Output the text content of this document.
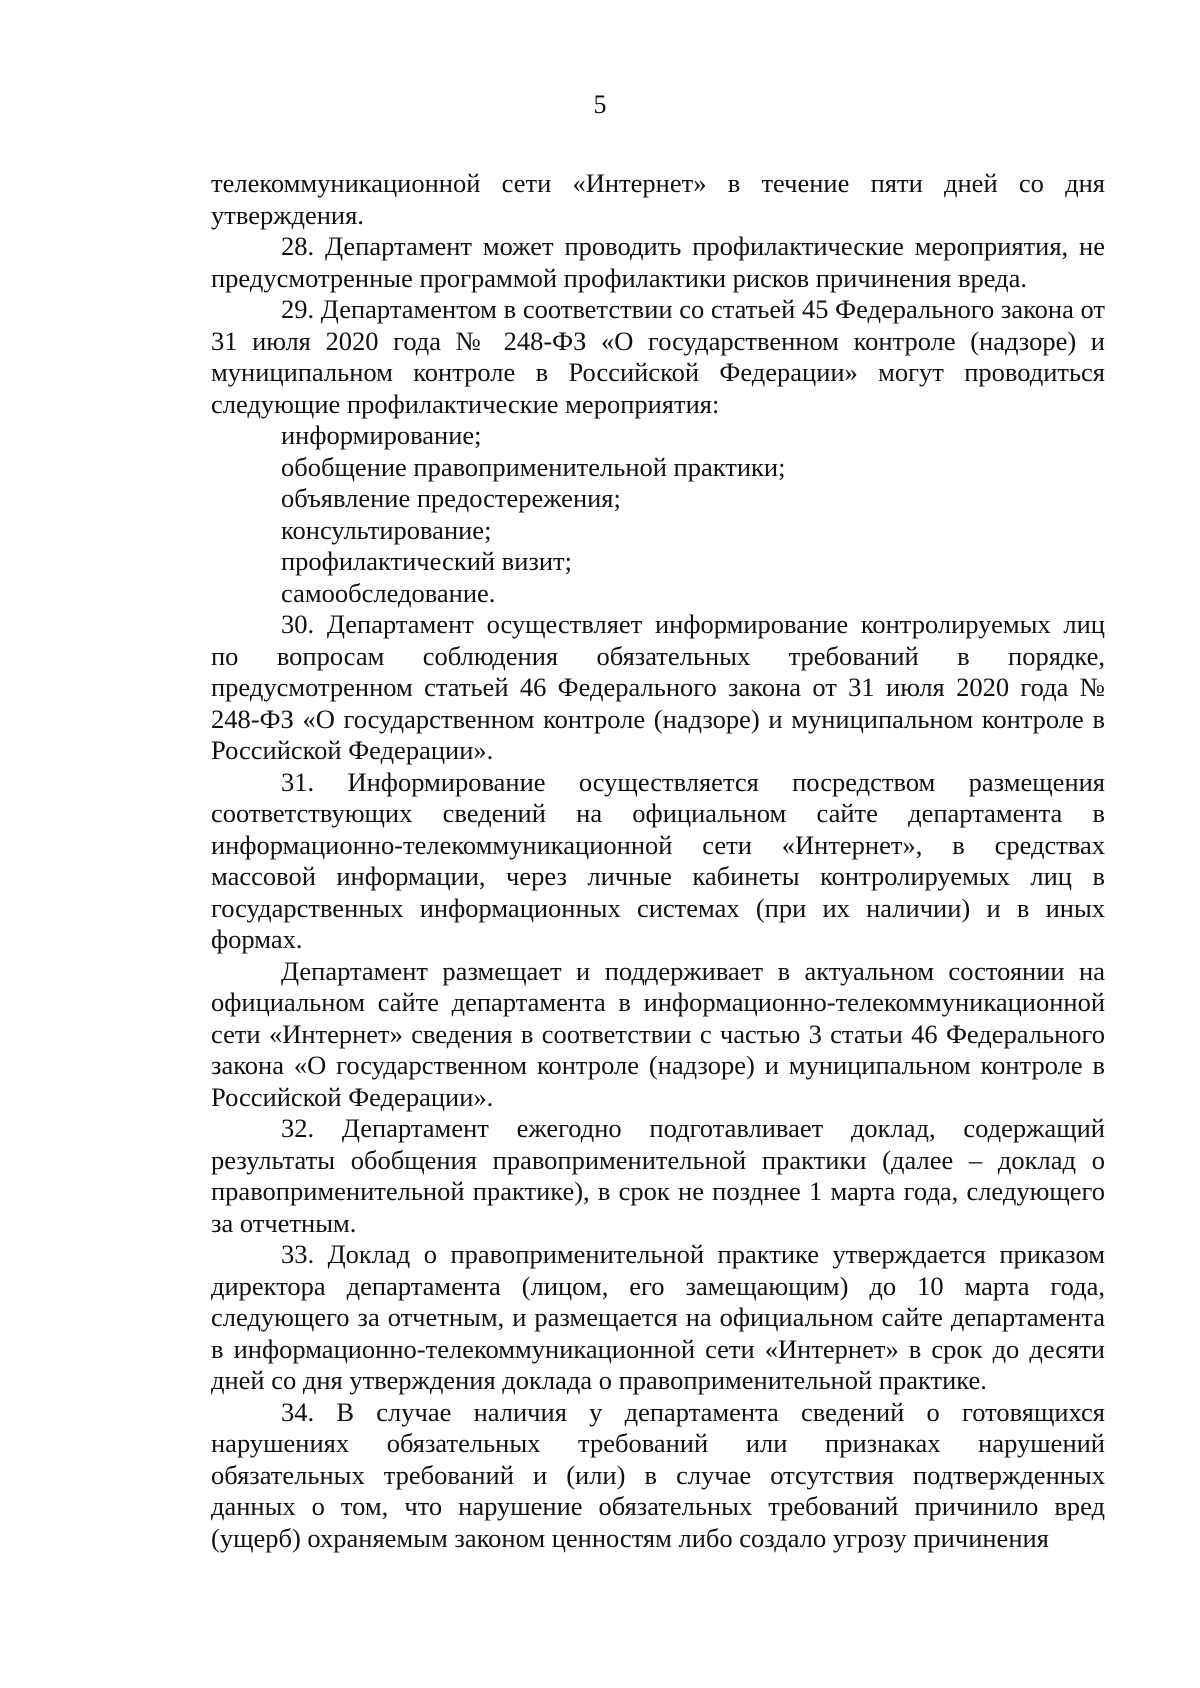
5

телекоммуникационной сети «Интернет» в течение пяти дней со дня утверждения.

28. Департамент может проводить профилактические мероприятия, не предусмотренные программой профилактики рисков причинения вреда.

29. Департаментом в соответствии со статьей 45 Федерального закона от 31 июля 2020 года № 248-ФЗ «О государственном контроле (надзоре) и муниципальном контроле в Российской Федерации» могут проводиться следующие профилактические мероприятия:

информирование;

обобщение правоприменительной практики;

объявление предостережения;

консультирование;

профилактический визит;

самообследование.

30. Департамент осуществляет информирование контролируемых лиц по вопросам соблюдения обязательных требований в порядке, предусмотренном статьей 46 Федерального закона от 31 июля 2020 года № 248-ФЗ «О государственном контроле (надзоре) и муниципальном контроле в Российской Федерации».

31. Информирование осуществляется посредством размещения соответствующих сведений на официальном сайте департамента в информационно-телекоммуникационной сети «Интернет», в средствах массовой информации, через личные кабинеты контролируемых лиц в государственных информационных системах (при их наличии) и в иных формах.

Департамент размещает и поддерживает в актуальном состоянии на официальном сайте департамента в информационно-телекоммуникационной сети «Интернет» сведения в соответствии с частью 3 статьи 46 Федерального закона «О государственном контроле (надзоре) и муниципальном контроле в Российской Федерации».

32. Департамент ежегодно подготавливает доклад, содержащий результаты обобщения правоприменительной практики (далее – доклад о правоприменительной практике), в срок не позднее 1 марта года, следующего за отчетным.

33. Доклад о правоприменительной практике утверждается приказом директора департамента (лицом, его замещающим) до 10 марта года, следующего за отчетным, и размещается на официальном сайте департамента в информационно-телекоммуникационной сети «Интернет» в срок до десяти дней со дня утверждения доклада о правоприменительной практике.

34. В случае наличия у департамента сведений о готовящихся нарушениях обязательных требований или признаках нарушений обязательных требований и (или) в случае отсутствия подтвержденных данных о том, что нарушение обязательных требований причинило вред (ущерб) охраняемым законом ценностям либо создало угрозу причинения
